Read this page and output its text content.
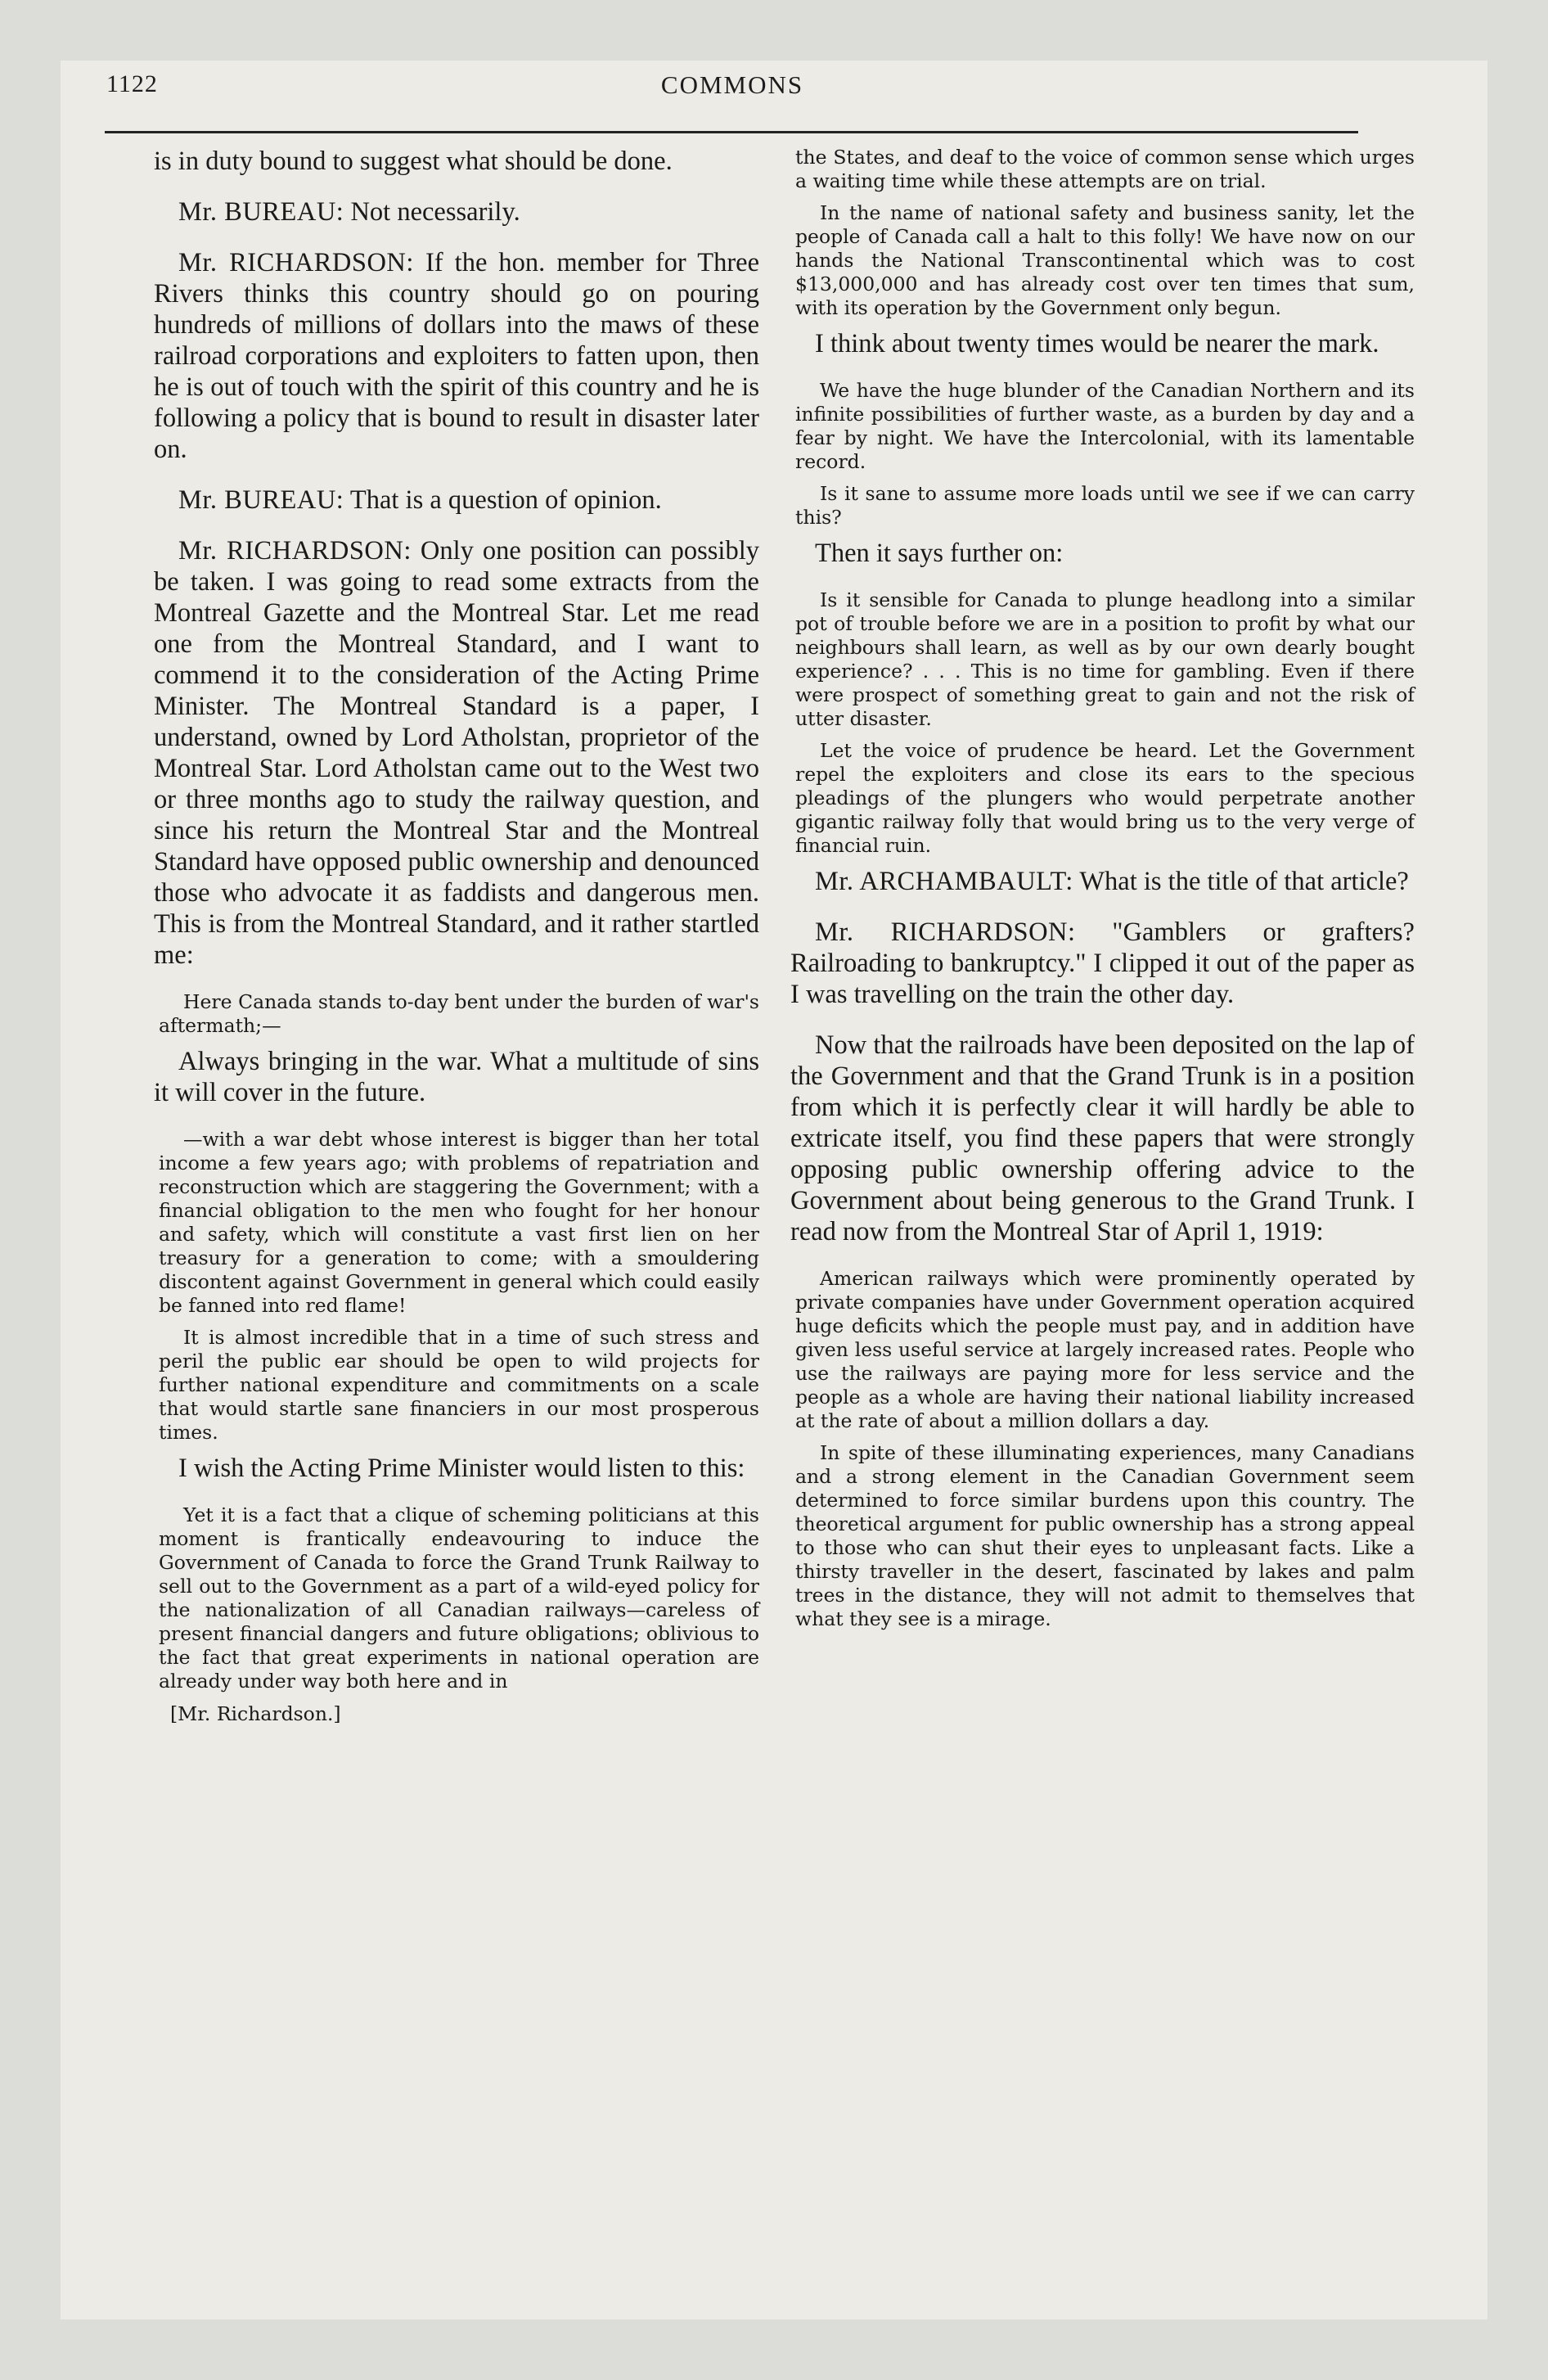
1122	COMMONS

is in duty bound to suggest what should be done.

Mr. BUREAU: Not necessarily.

Mr. RICHARDSON: If the hon. member for Three Rivers thinks this country should go on pouring hundreds of millions of dollars into the maws of these railroad corporations and exploiters to fatten upon, then he is out of touch with the spirit of this country and he is following a policy that is bound to result in disaster later on.

Mr. BUREAU: That is a question of opinion.

Mr. RICHARDSON: Only one position can possibly be taken. I was going to read some extracts from the Montreal Gazette and the Montreal Star. Let me read one from the Montreal Standard, and I want to commend it to the consideration of the Acting Prime Minister. The Montreal Standard is a paper, I understand, owned by Lord Atholstan, proprietor of the Montreal Star. Lord Atholstan came out to the West two or three months ago to study the railway question, and since his return the Montreal Star and the Montreal Standard have opposed public ownership and denounced those who advocate it as faddists and dangerous men. This is from the Montreal Standard, and it rather startled me:

Here Canada stands to-day bent under the burden of war's aftermath;—

Always bringing in the war. What a multitude of sins it will cover in the future.

—with a war debt whose interest is bigger than her total income a few years ago; with problems of repatriation and reconstruction which are staggering the Government; with a financial obligation to the men who fought for her honour and safety, which will constitute a vast first lien on her treasury for a generation to come; with a smouldering discontent against Government in general which could easily be fanned into red flame!

It is almost incredible that in a time of such stress and peril the public ear should be open to wild projects for further national expenditure and commitments on a scale that would startle sane financiers in our most prosperous times.

I wish the Acting Prime Minister would listen to this:

Yet it is a fact that a clique of scheming politicians at this moment is frantically endeavouring to induce the Government of Canada to force the Grand Trunk Railway to sell out to the Government as a part of a wild-eyed policy for the nationalization of all Canadian railways—careless of present financial dangers and future obligations; oblivious to the fact that great experiments in national operation are already under way both here and in

[Mr. Richardson.]

the States, and deaf to the voice of common sense which urges a waiting time while these attempts are on trial.

In the name of national safety and business sanity, let the people of Canada call a halt to this folly! We have now on our hands the National Transcontinental which was to cost $13,000,000 and has already cost over ten times that sum, with its operation by the Government only begun.

I think about twenty times would be nearer the mark.

We have the huge blunder of the Canadian Northern and its infinite possibilities of further waste, as a burden by day and a fear by night. We have the Intercolonial, with its lamentable record.

Is it sane to assume more loads until we see if we can carry this?

Then it says further on:

Is it sensible for Canada to plunge headlong into a similar pot of trouble before we are in a position to profit by what our neighbours shall learn, as well as by our own dearly bought experience? . . . This is no time for gambling. Even if there were prospect of something great to gain and not the risk of utter disaster.

Let the voice of prudence be heard. Let the Government repel the exploiters and close its ears to the specious pleadings of the plungers who would perpetrate another gigantic railway folly that would bring us to the very verge of financial ruin.

Mr. ARCHAMBAULT: What is the title of that article?

Mr. RICHARDSON: "Gamblers or grafters? Railroading to bankruptcy." I clipped it out of the paper as I was travelling on the train the other day.

Now that the railroads have been deposited on the lap of the Government and that the Grand Trunk is in a position from which it is perfectly clear it will hardly be able to extricate itself, you find these papers that were strongly opposing public ownership offering advice to the Government about being generous to the Grand Trunk. I read now from the Montreal Star of April 1, 1919:

American railways which were prominently operated by private companies have under Government operation acquired huge deficits which the people must pay, and in addition have given less useful service at largely increased rates. People who use the railways are paying more for less service and the people as a whole are having their national liability increased at the rate of about a million dollars a day.

In spite of these illuminating experiences, many Canadians and a strong element in the Canadian Government seem determined to force similar burdens upon this country. The theoretical argument for public ownership has a strong appeal to those who can shut their eyes to unpleasant facts. Like a thirsty traveller in the desert, fascinated by lakes and palm trees in the distance, they will not admit to themselves that what they see is a mirage.
